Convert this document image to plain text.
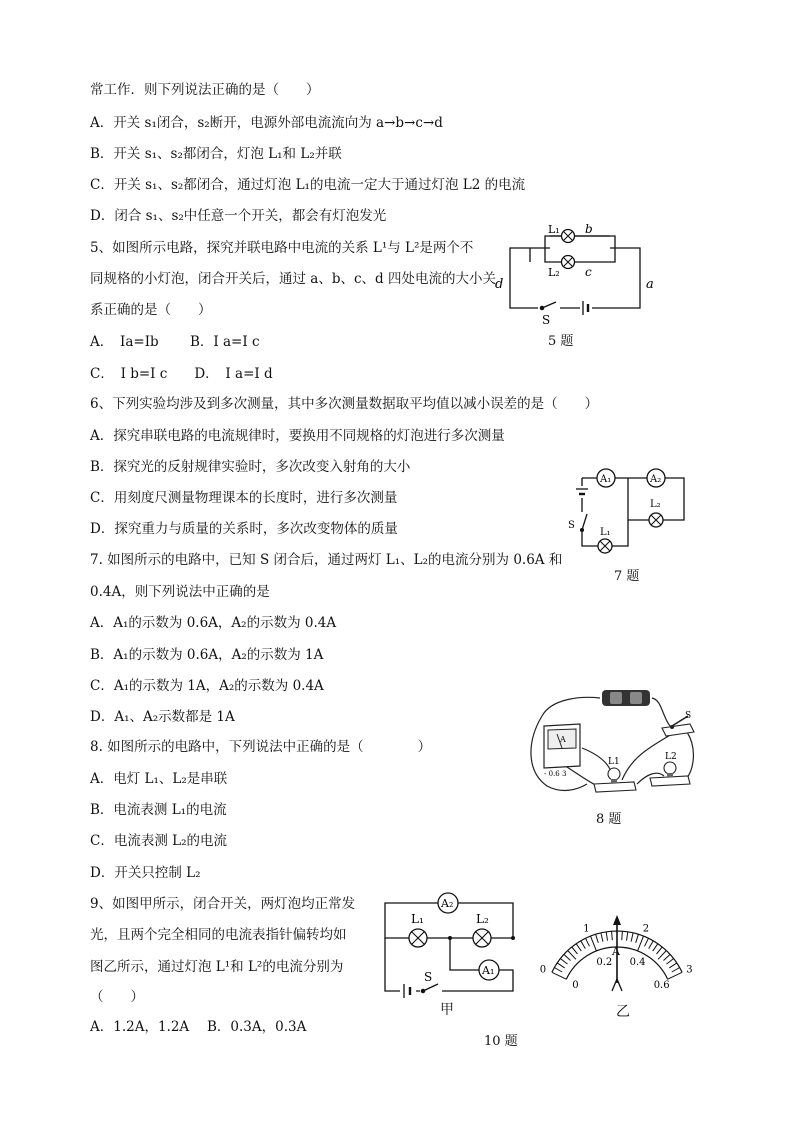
常工作．则下列说法正确的是（　　）
A．开关 s₁闭合，s₂断开，电源外部电流流向为 a→b→c→d
B．开关 s₁、s₂都闭合，灯泡 L₁和 L₂并联
C．开关 s₁、s₂都闭合，通过灯泡 L₁的电流一定大于通过灯泡 L2 的电流
D．闭合 s₁、s₂中任意一个开关，都会有灯泡发光
5、如图所示电路，探究并联电路中电流的关系 L¹与 L²是两个不
同规格的小灯泡，闭合开关后，通过 a、b、c、d 四处电流的大小关
系正确的是（　　）
A．　Ia=Ib　　 B．I a=I c
C．　I b=I c　　D．　I a=I d
6、下列实验均涉及到多次测量，其中多次测量数据取平均值以减小误差的是（　　）
A．探究串联电路的电流规律时，要换用不同规格的灯泡进行多次测量
B．探究光的反射规律实验时，多次改变入射角的大小
C．用刻度尺测量物理课本的长度时，进行多次测量
D．探究重力与质量的关系时，多次改变物体的质量
7. 如图所示的电路中，已知 S 闭合后，通过两灯 L₁、L₂的电流分别为 0.6A 和
0.4A，则下列说法中正确的是
A．A₁的示数为 0.6A，A₂的示数为 0.4A
B．A₁的示数为 0.6A，A₂的示数为 1A
C．A₁的示数为 1A，A₂的示数为 0.4A
D．A₁、A₂示数都是 1A
8. 如图所示的电路中，下列说法中正确的是（　　　　）
A．电灯 L₁、L₂是串联
B．电流表测 L₁的电流
C．电流表测 L₂的电流
D．开关只控制 L₂
9、如图甲所示，闭合开关，两灯泡均正常发
光，且两个完全相同的电流表指针偏转均如
图乙所示，通过灯泡 L¹和 L²的电流分别为
（　　）
A．1.2A，1.2A　 B．0.3A，0.3A
L₁
L₂
b
c
d	a
S
5 题
A₁	A₂
L₂
L₁
S
7 题
A
- 0.6 3
S
L1	L2
8 题
A₂
A₁
L₁	L₂
S
甲
0
1	2
3
0
0.2 0.4
0.6
A
乙
10 题
